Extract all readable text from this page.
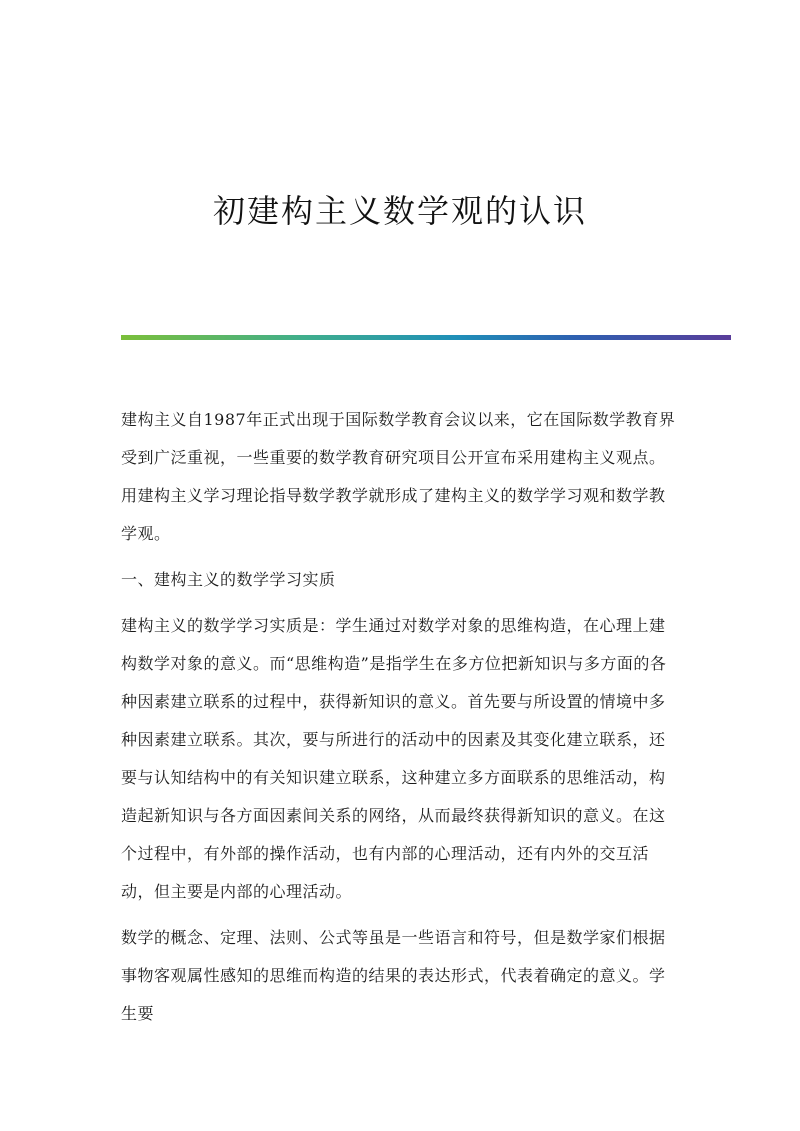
初建构主义数学观的认识

建构主义自1987年正式出现于国际数学教育会议以来，它在国际数学教育界受到广泛重视，一些重要的数学教育研究项目公开宣布采用建构主义观点。用建构主义学习理论指导数学教学就形成了建构主义的数学学习观和数学教学观。

一、建构主义的数学学习实质

建构主义的数学学习实质是：学生通过对数学对象的思维构造，在心理上建构数学对象的意义。而“思维构造”是指学生在多方位把新知识与多方面的各种因素建立联系的过程中，获得新知识的意义。首先要与所设置的情境中多种因素建立联系。其次，要与所进行的活动中的因素及其变化建立联系，还要与认知结构中的有关知识建立联系，这种建立多方面联系的思维活动，构造起新知识与各方面因素间关系的网络，从而最终获得新知识的意义。在这个过程中，有外部的操作活动，也有内部的心理活动，还有内外的交互活动，但主要是内部的心理活动。

数学的概念、定理、法则、公式等虽是一些语言和符号，但是数学家们根据事物客观属性感知的思维而构造的结果的表达形式，代表着确定的意义。学生要
